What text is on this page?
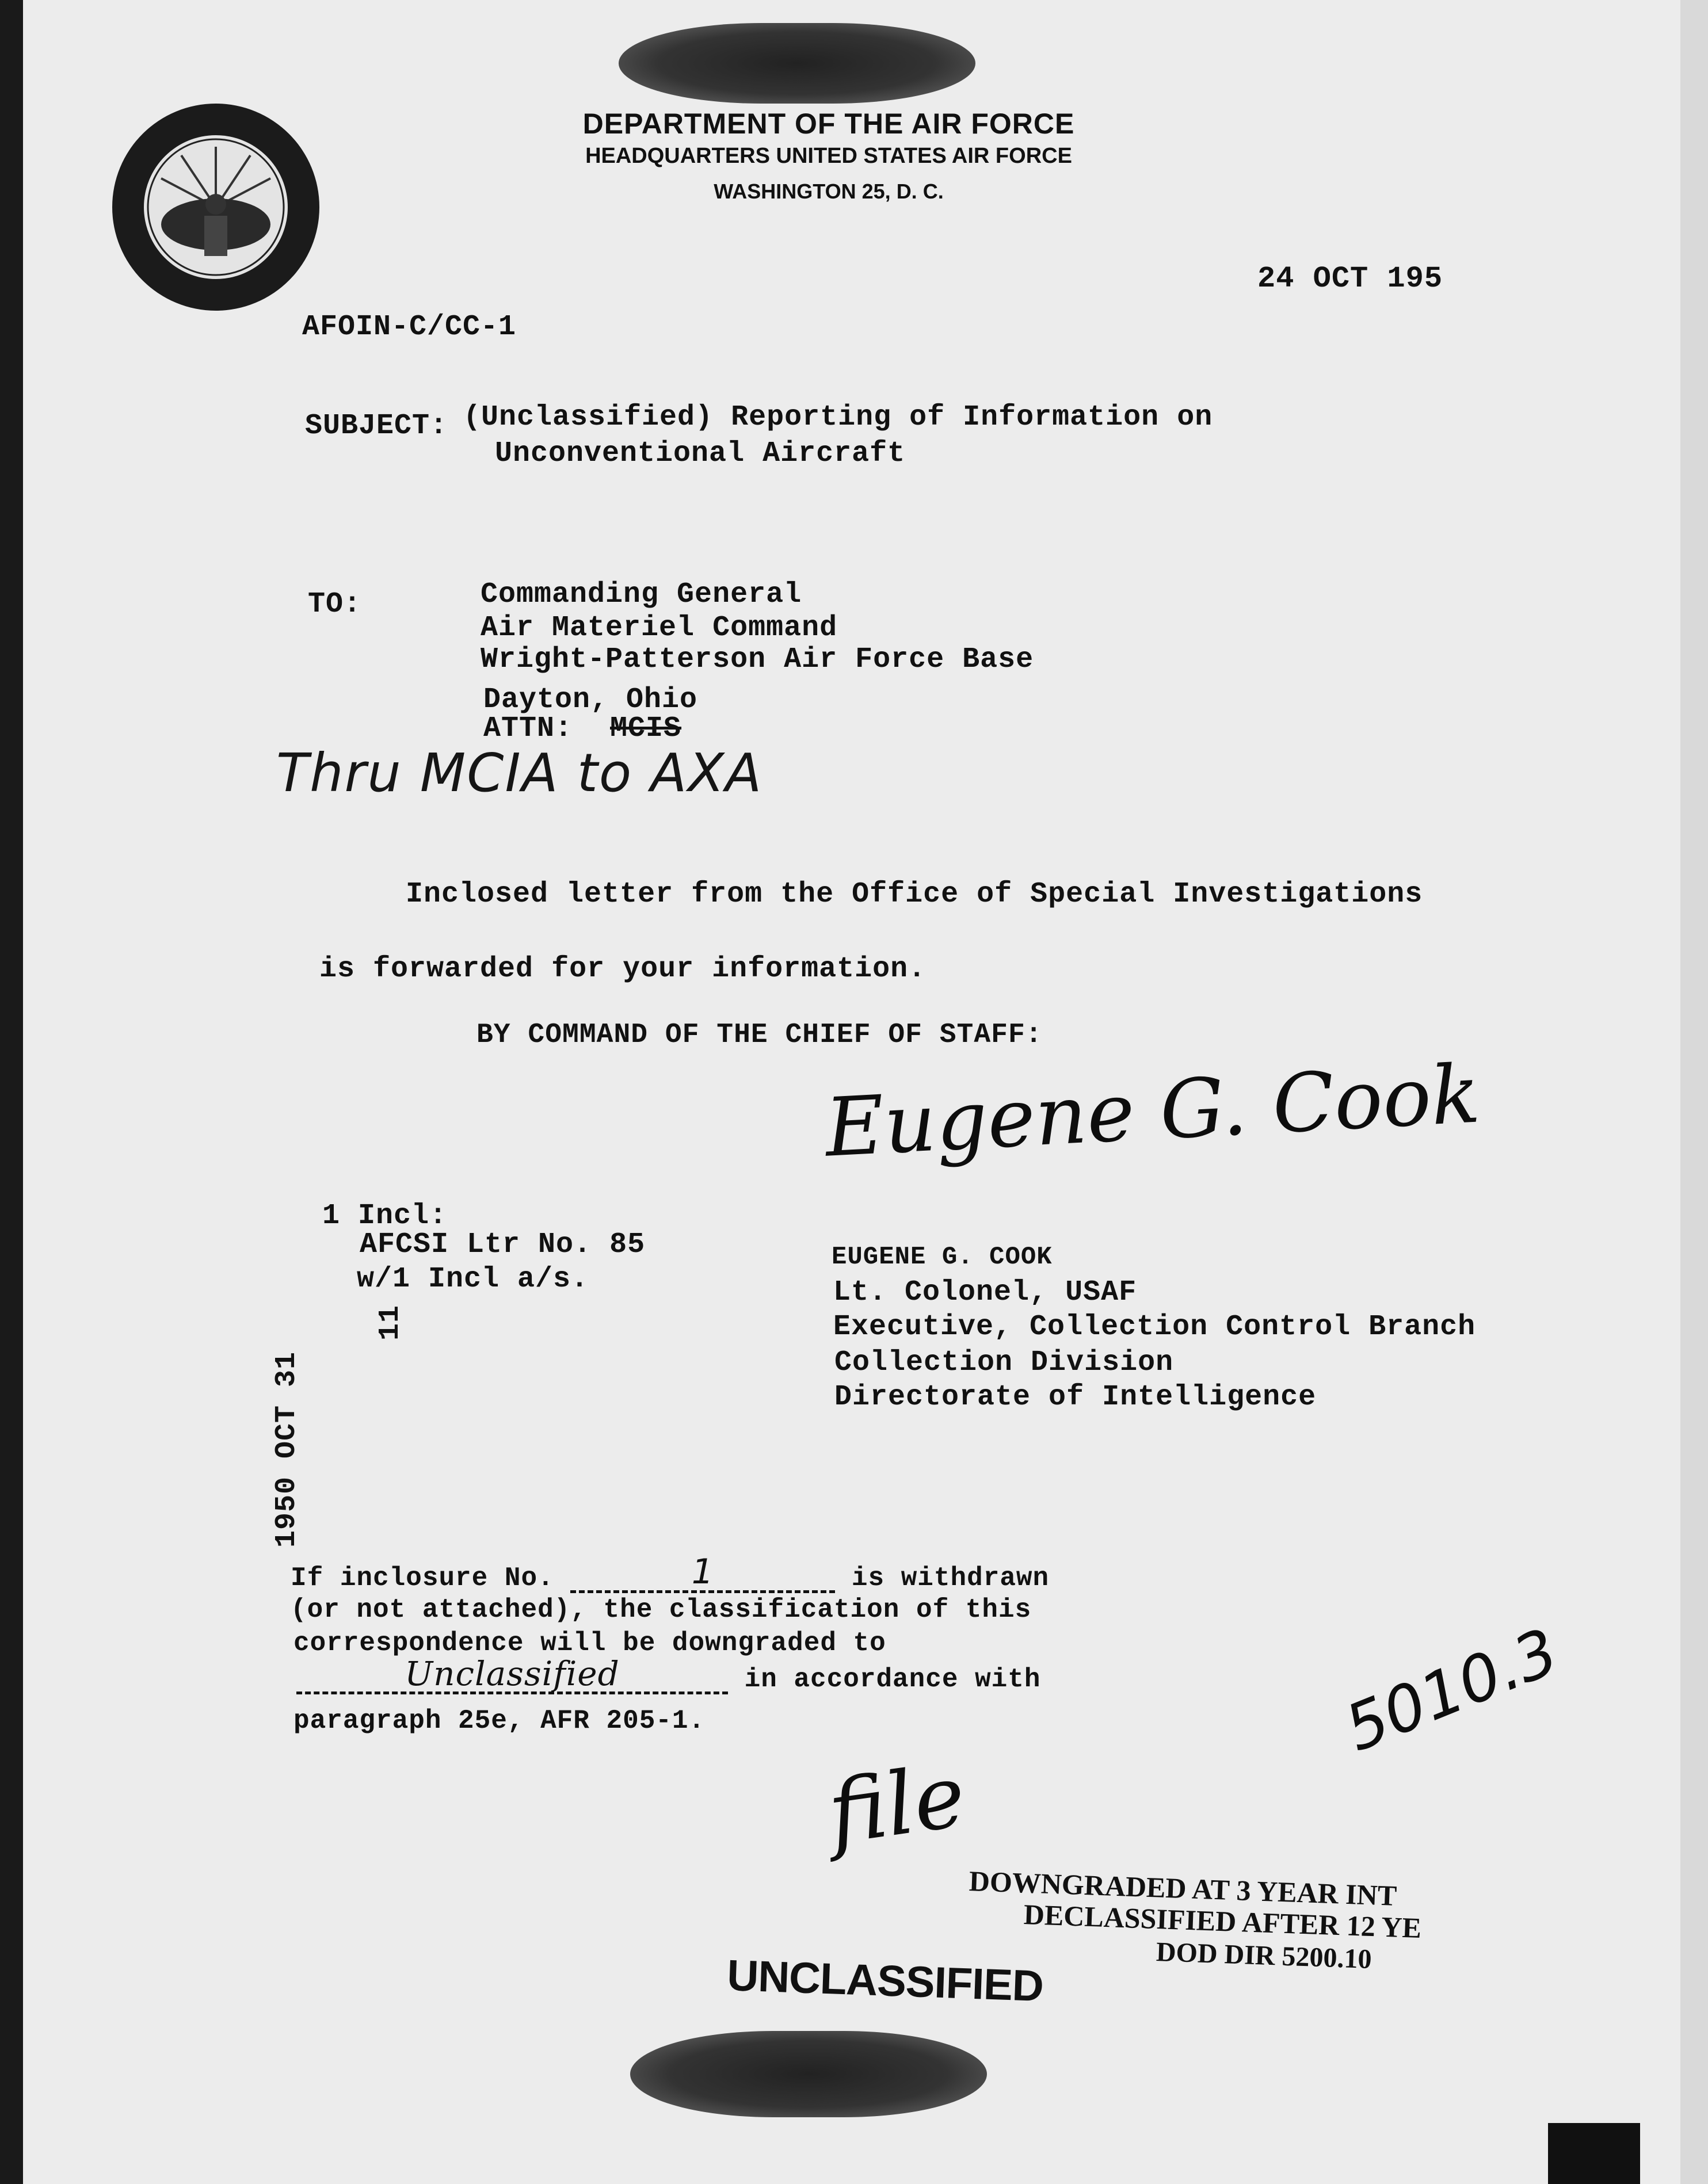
DEPARTMENT OF THE AIR FORCE
HEADQUARTERS UNITED STATES AIR FORCE
WASHINGTON 25, D. C.
24 OCT 195
AFOIN-C/CC-1
SUBJECT: (Unclassified) Reporting of Information on
Unconventional Aircraft
TO:	Commanding General
Air Materiel Command
Wright-Patterson Air Force Base
Dayton, Ohio
ATTN: MCIS
Thru MCIA to AXA
Inclosed letter from the Office of Special Investigations
is forwarded for your information.
BY COMMAND OF THE CHIEF OF STAFF:
Eugene G. Cook
EUGENE G. COOK
Lt. Colonel, USAF
Executive, Collection Control Branch
Collection Division
Directorate of Intelligence
1 Incl:
AFCSI Ltr No. 85
w/1 Incl a/s.
1950 OCT 31
11
If inclosure No.	1	is withdrawn
(or not attached), the classification of this
correspondence will be downgraded to
Unclassified	in accordance with
paragraph 25e, AFR 205-1.
file
5010.3
DOWNGRADED AT 3 YEAR INT
DECLASSIFIED AFTER 12 YE
DOD DIR 5200.10
UNCLASSIFIED
